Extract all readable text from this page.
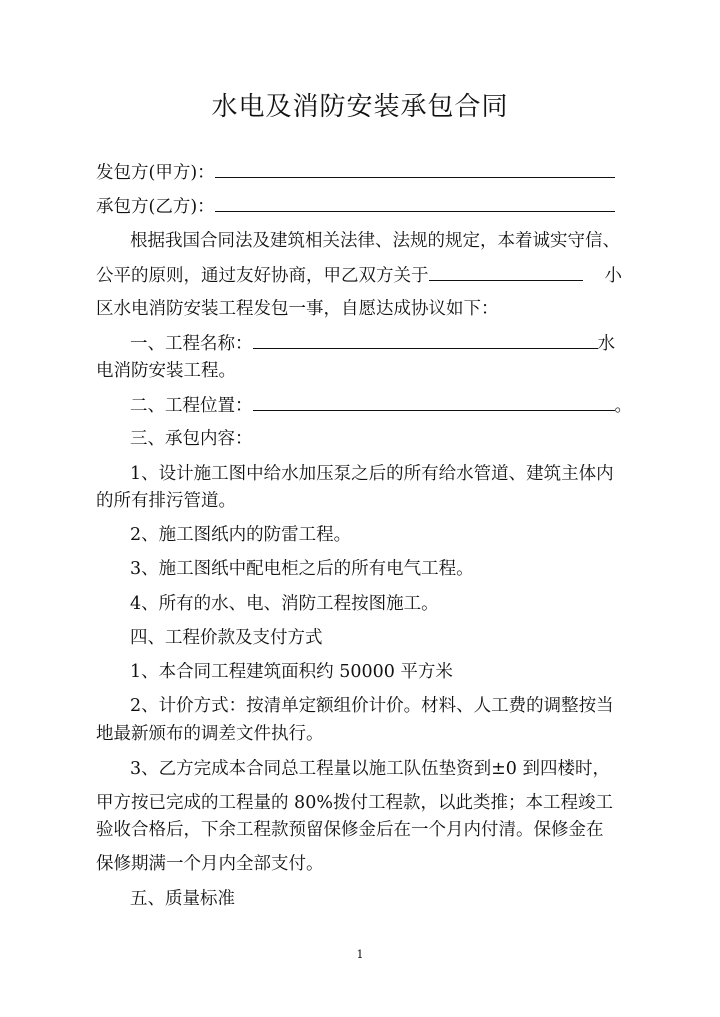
水电及消防安装承包合同
发包方(甲方)：
承包方(乙方)：
根据我国合同法及建筑相关法律、法规的规定，本着诚实守信、
公平的原则，通过友好协商，甲乙双方关于	小
区水电消防安装工程发包一事，自愿达成协议如下：
一、工程名称：	水
电消防安装工程。
二、工程位置：	。
三、承包内容：
1、设计施工图中给水加压泵之后的所有给水管道、建筑主体内
的所有排污管道。
2、施工图纸内的防雷工程。
3、施工图纸中配电柜之后的所有电气工程。
4、所有的水、电、消防工程按图施工。
四、工程价款及支付方式
1、本合同工程建筑面积约 50000 平方米
2、计价方式：按清单定额组价计价。材料、人工费的调整按当
地最新颁布的调差文件执行。
3、乙方完成本合同总工程量以施工队伍垫资到±0 到四楼时，
甲方按已完成的工程量的 80%拨付工程款，以此类推；本工程竣工
验收合格后，下余工程款预留保修金后在一个月内付清。保修金在
保修期满一个月内全部支付。
五、质量标准
1
